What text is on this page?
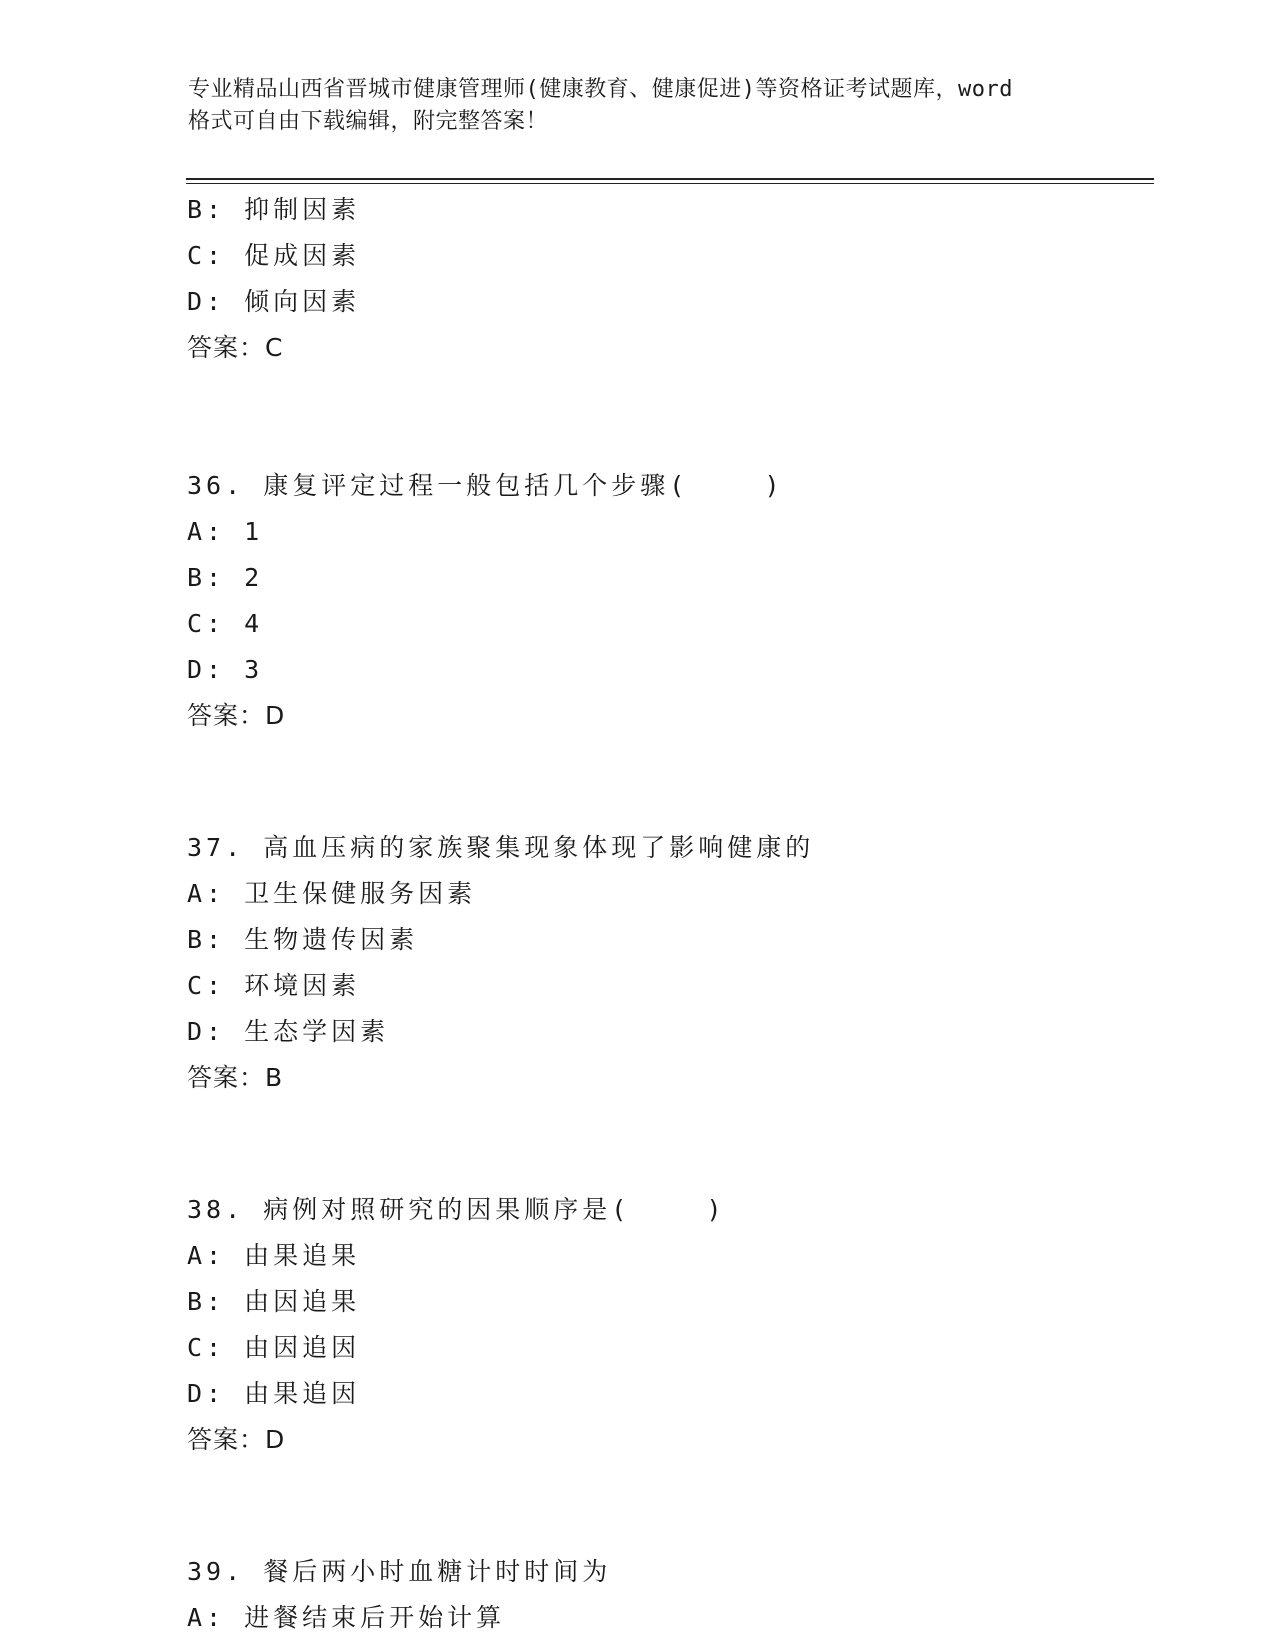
专业精品山西省晋城市健康管理师(健康教育、健康促进)等资格证考试题库，word
格式可自由下载编辑，附完整答案！
B: 抑制因素
C: 促成因素
D: 倾向因素
答案：C
36. 康复评定过程一般包括几个步骤(    )
A: 1
B: 2
C: 4
D: 3
答案：D
37. 高血压病的家族聚集现象体现了影响健康的
A: 卫生保健服务因素
B: 生物遗传因素
C: 环境因素
D: 生态学因素
答案：B
38. 病例对照研究的因果顺序是(    )
A: 由果追果
B: 由因追果
C: 由因追因
D: 由果追因
答案：D
39. 餐后两小时血糖计时时间为
A: 进餐结束后开始计算
